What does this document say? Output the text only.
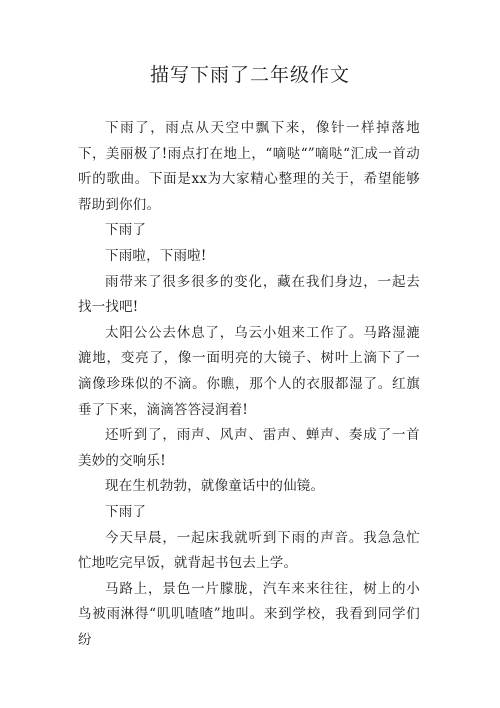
描写下雨了二年级作文

下雨了，雨点从天空中飘下来，像针一样掉落地下，美丽极了!雨点打在地上，“嘀哒“”嘀哒“汇成一首动听的歌曲。下面是xx为大家精心整理的关于，希望能够帮助到你们。

下雨了

下雨啦，下雨啦!

雨带来了很多很多的变化，藏在我们身边，一起去找一找吧!

太阳公公去休息了，乌云小姐来工作了。马路湿漉漉地，变亮了，像一面明亮的大镜子、树叶上滴下了一滴像珍珠似的不滴。你瞧，那个人的衣服都湿了。红旗垂了下来，滴滴答答浸润着!

还听到了，雨声、风声、雷声、蝉声、奏成了一首美妙的交响乐!

现在生机勃勃，就像童话中的仙镜。

下雨了

今天早晨，一起床我就听到下雨的声音。我急急忙忙地吃完早饭，就背起书包去上学。

马路上，景色一片朦胧，汽车来来往往，树上的小鸟被雨淋得“叽叽喳喳”地叫。来到学校，我看到同学们纷
